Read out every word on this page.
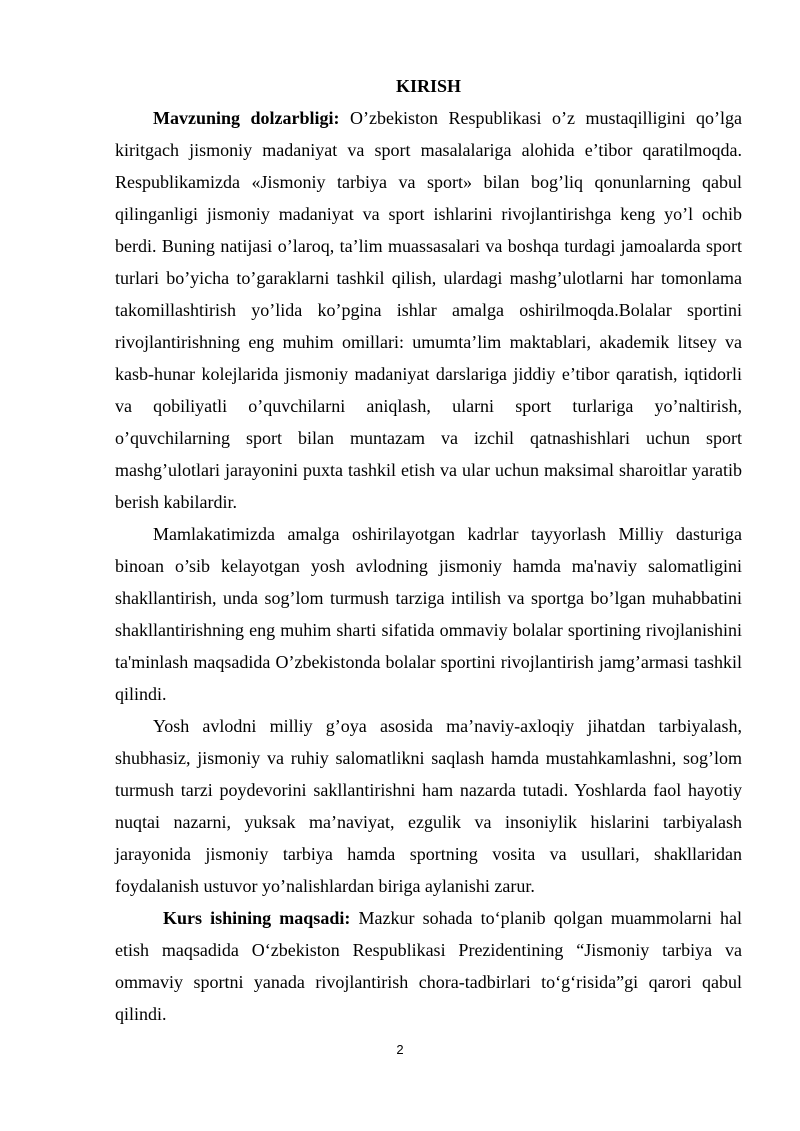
KIRISH

Mavzuning dolzarbligi: O’zbekiston Respublikasi o’z mustaqilligini qo’lga kiritgach jismoniy madaniyat va sport masalalariga alohida e’tibor qaratilmoqda. Respublikamizda «Jismoniy tarbiya va sport» bilan bog’liq qonunlarning qabul qilinganligi jismoniy madaniyat va sport ishlarini rivojlantirishga keng yo’l ochib berdi. Buning natijasi o’laroq, ta’lim muassasalari va boshqa turdagi jamoalarda sport turlari bo’yicha to’garaklarni tashkil qilish, ulardagi mashg’ulotlarni har tomonlama takomillashtirish yo’lida ko’pgina ishlar amalga oshirilmoqda.Bolalar sportini rivojlantirishning eng muhim omillari: umumta’lim maktablari, akademik litsey va kasb-hunar kolejlarida jismoniy madaniyat darslariga jiddiy e’tibor qaratish, iqtidorli va qobiliyatli o’quvchilarni aniqlash, ularni sport turlariga yo’naltirish, o’quvchilarning sport bilan muntazam va izchil qatnashishlari uchun sport mashg’ulotlari jarayonini puxta tashkil etish va ular uchun maksimal sharoitlar yaratib berish kabilardir.

Mamlakatimizda amalga oshirilayotgan kadrlar tayyorlash Milliy dasturiga binoan o’sib kelayotgan yosh avlodning jismoniy hamda ma'naviy salomatligini shakllantirish, unda sog’lom turmush tarziga intilish va sportga bo’lgan muhabbatini shakllantirishning eng muhim sharti sifatida ommaviy bolalar sportining rivojlanishini ta'minlash maqsadida O’zbekistonda bolalar sportini rivojlantirish jamg’armasi tashkil qilindi.

Yosh avlodni milliy g’oya asosida ma’naviy-axloqiy jihatdan tarbiyalash, shubhasiz, jismoniy va ruhiy salomatlikni saqlash hamda mustahkamlashni, sog’lom turmush tarzi poydevorini sakllantirishni ham nazarda tutadi. Yoshlarda faol hayotiy nuqtai nazarni, yuksak ma’naviyat, ezgulik va insoniylik hislarini tarbiyalash jarayonida jismoniy tarbiya hamda sportning vosita va usullari, shakllaridan foydalanish ustuvor yo’nalishlardan biriga aylanishi zarur.

Kurs ishining maqsadi: Mazkur sohada to‘planib qolgan muammolarni hal etish maqsadida O‘zbekiston Respublikasi Prezidentining “Jismoniy tarbiya va ommaviy sportni yanada rivojlantirish chora-tadbirlari to‘g‘risida”gi qarori qabul qilindi.

2
